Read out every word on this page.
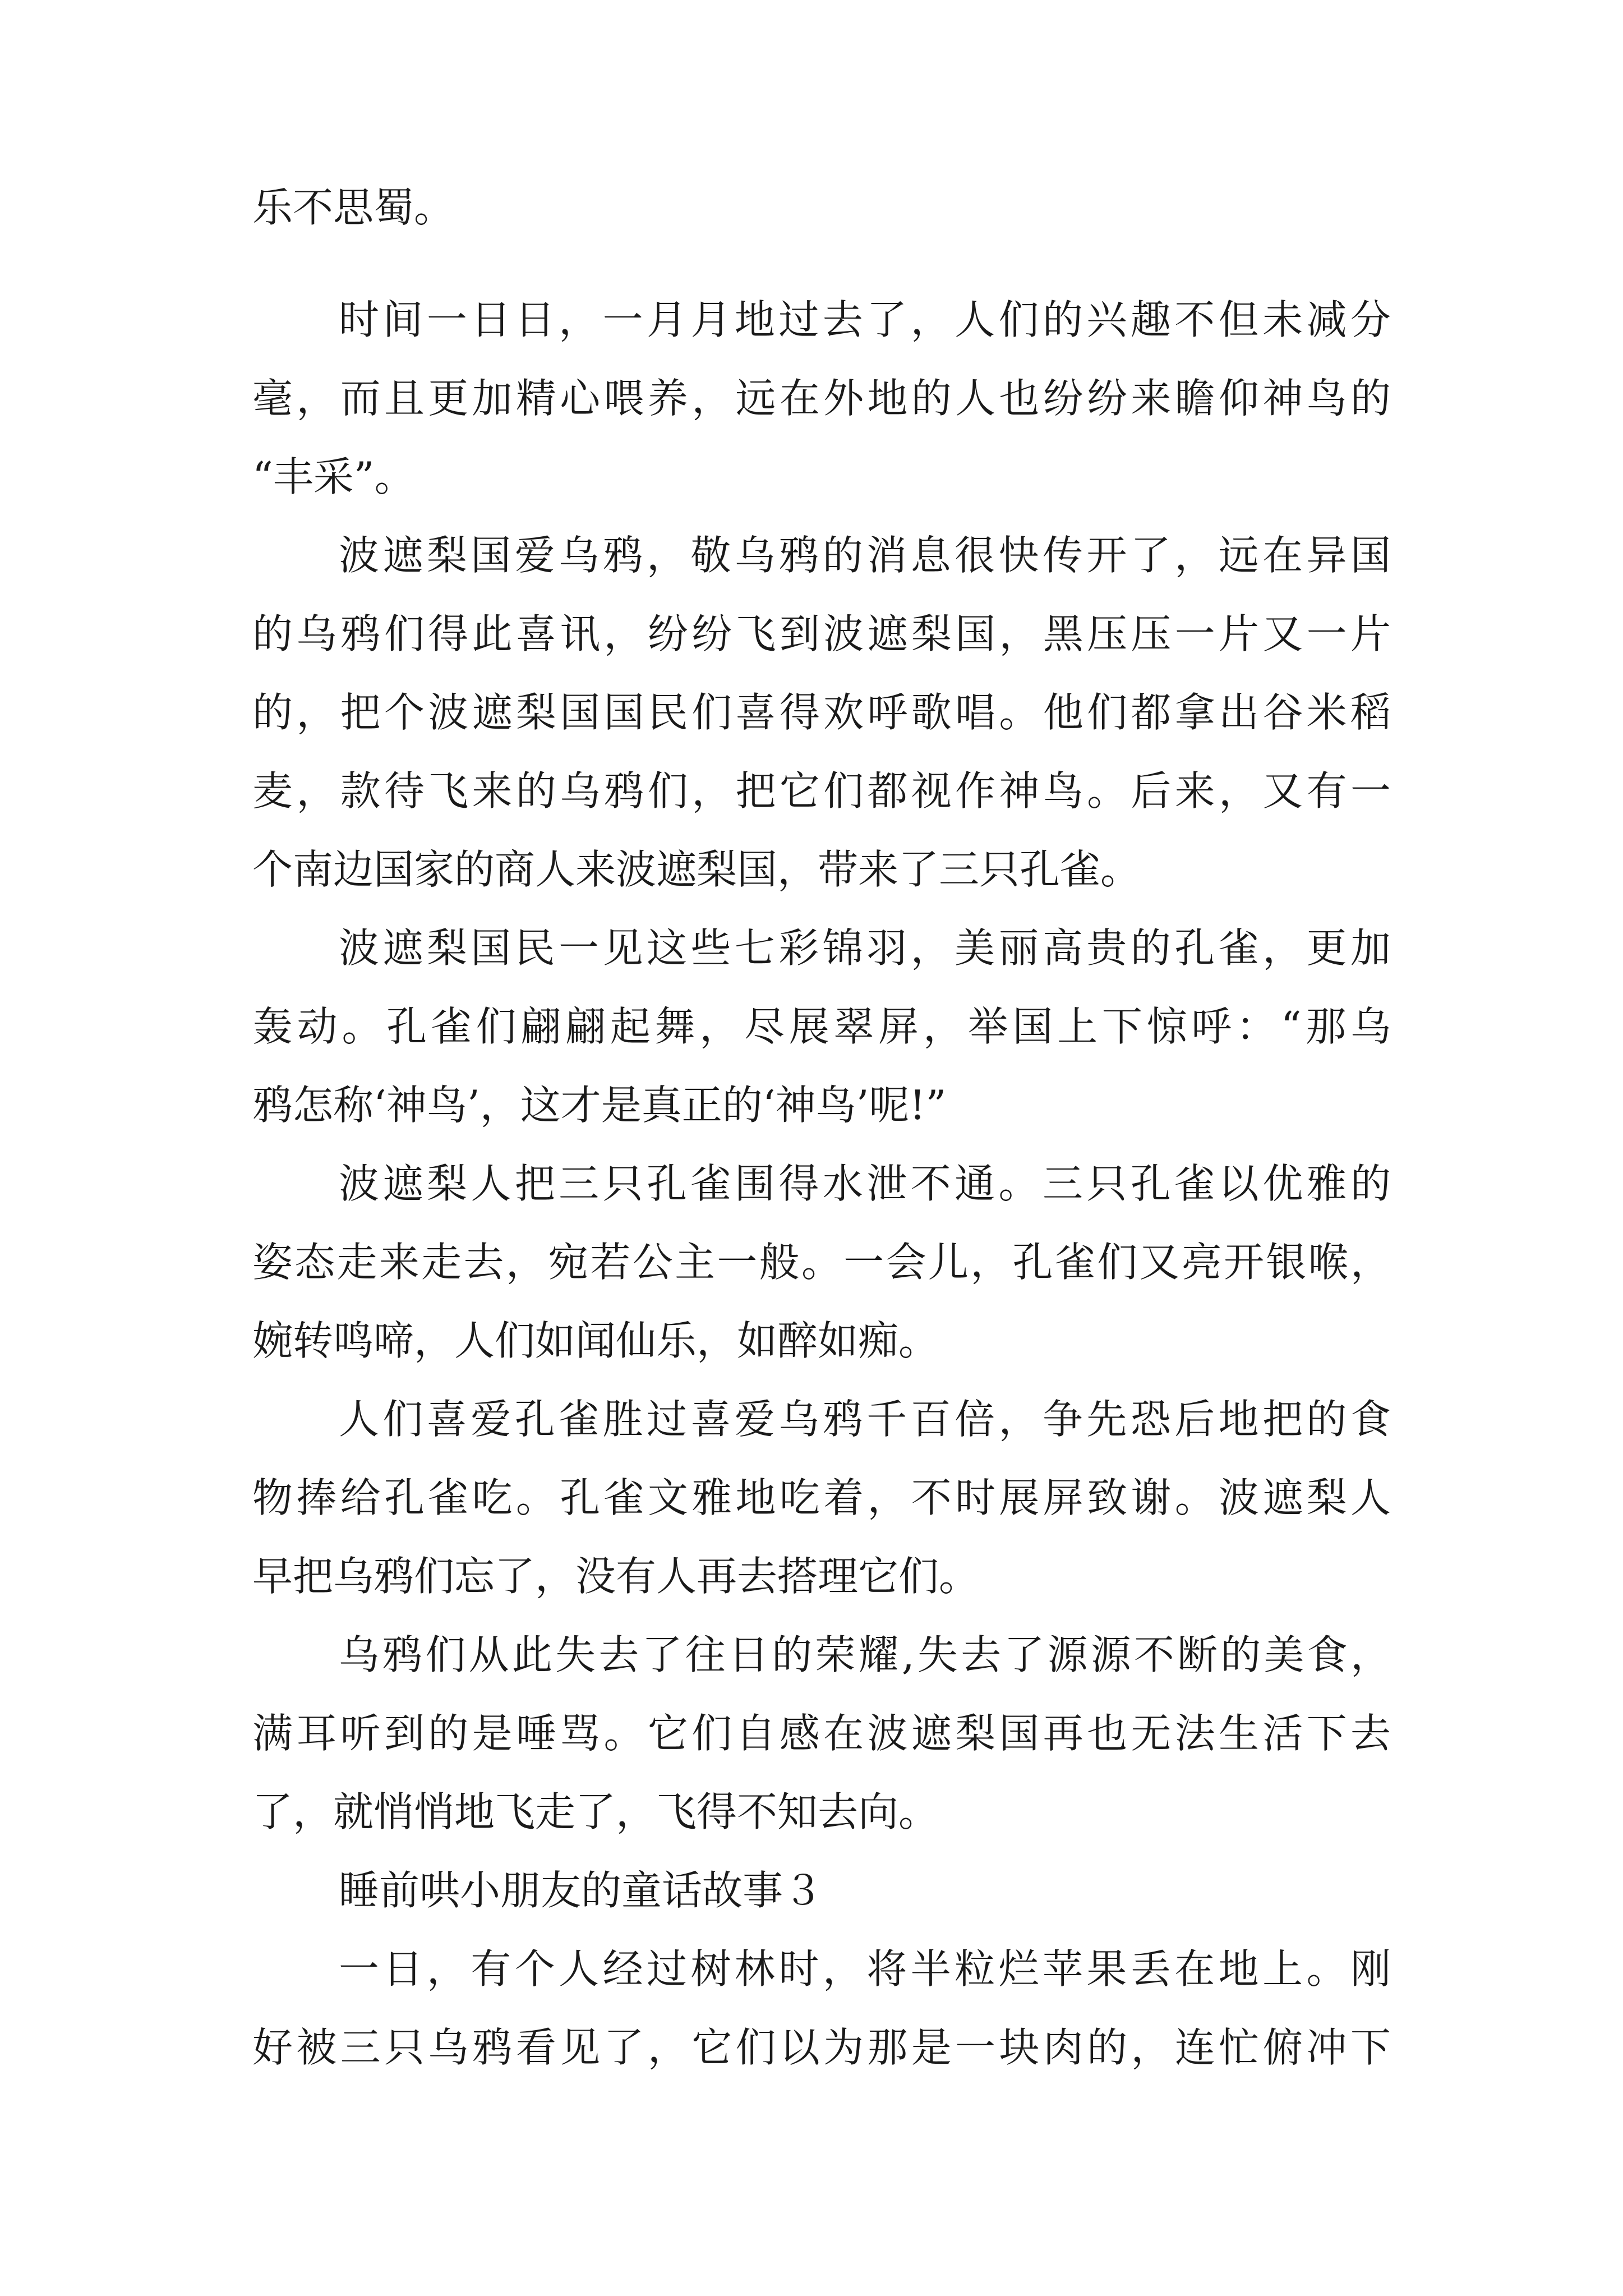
乐不思蜀。
时间一日日，一月月地过去了，人们的兴趣不但未减分
毫，而且更加精心喂养，远在外地的人也纷纷来瞻仰神鸟的
“丰采”。
波遮梨国爱乌鸦，敬乌鸦的消息很快传开了，远在异国
的乌鸦们得此喜讯，纷纷飞到波遮梨国，黑压压一片又一片
的，把个波遮梨国国民们喜得欢呼歌唱。他们都拿出谷米稻
麦，款待飞来的乌鸦们，把它们都视作神鸟。后来，又有一
个南边国家的商人来波遮梨国，带来了三只孔雀。
波遮梨国民一见这些七彩锦羽，美丽高贵的孔雀，更加
轰动。孔雀们翩翩起舞，尽展翠屏，举国上下惊呼：“那乌
鸦怎称‘神鸟’，这才是真正的‘神鸟’呢!”
波遮梨人把三只孔雀围得水泄不通。三只孔雀以优雅的
姿态走来走去，宛若公主一般。一会儿，孔雀们又亮开银喉，
婉转鸣啼，人们如闻仙乐，如醉如痴。
人们喜爱孔雀胜过喜爱乌鸦千百倍，争先恐后地把的食
物捧给孔雀吃。孔雀文雅地吃着，不时展屏致谢。波遮梨人
早把乌鸦们忘了，没有人再去搭理它们。
乌鸦们从此失去了往日的荣耀,失去了源源不断的美食，
满耳听到的是唾骂。它们自感在波遮梨国再也无法生活下去
了，就悄悄地飞走了，飞得不知去向。
睡前哄小朋友的童话故事３
一日，有个人经过树林时，将半粒烂苹果丢在地上。刚
好被三只乌鸦看见了，它们以为那是一块肉的，连忙俯冲下
